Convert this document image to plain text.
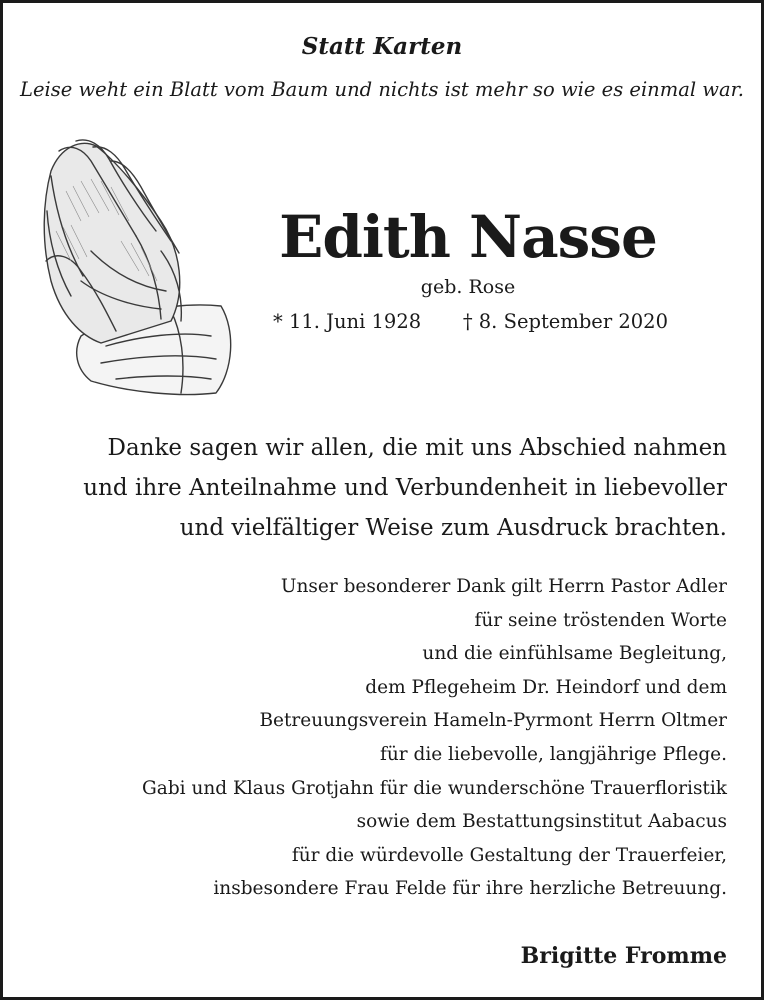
Statt Karten
Leise weht ein Blatt vom Baum und nichts ist mehr so wie es einmal war.
Edith Nasse
geb. Rose
* 11. Juni 1928 † 8. September 2020
Danke sagen wir allen, die mit uns Abschied nahmen
und ihre Anteilnahme und Verbundenheit in liebevoller
und vielfältiger Weise zum Ausdruck brachten.
Unser besonderer Dank gilt Herrn Pastor Adler
für seine tröstenden Worte
und die einfühlsame Begleitung,
dem Pflegeheim Dr. Heindorf und dem
Betreuungsverein Hameln-Pyrmont Herrn Oltmer
für die liebevolle, langjährige Pflege.
Gabi und Klaus Grotjahn für die wunderschöne Trauerfloristik
sowie dem Bestattungsinstitut Aabacus
für die würdevolle Gestaltung der Trauerfeier,
insbesondere Frau Felde für ihre herzliche Betreuung.
Brigitte Fromme
